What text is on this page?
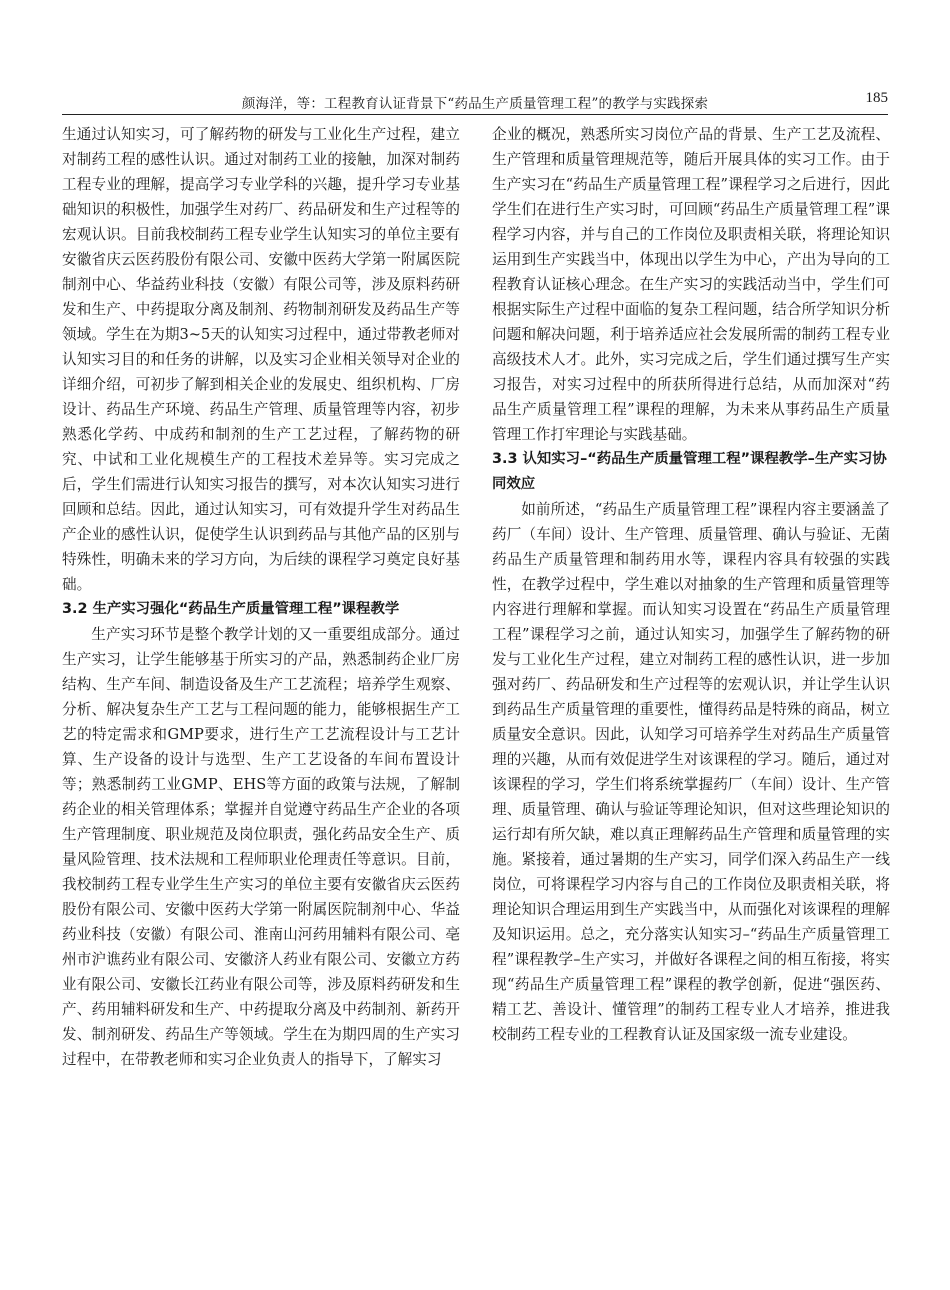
颜海洋，等：工程教育认证背景下“药品生产质量管理工程”的教学与实践探索	185

生通过认知实习，可了解药物的研发与工业化生产过程，建立对制药工程的感性认识。通过对制药工业的接触，加深对制药工程专业的理解，提高学习专业学科的兴趣，提升学习专业基础知识的积极性，加强学生对药厂、药品研发和生产过程等的宏观认识。目前我校制药工程专业学生认知实习的单位主要有安徽省庆云医药股份有限公司、安徽中医药大学第一附属医院制剂中心、华益药业科技（安徽）有限公司等，涉及原料药研发和生产、中药提取分离及制剂、药物制剂研发及药品生产等领域。学生在为期3~5天的认知实习过程中，通过带教老师对认知实习目的和任务的讲解，以及实习企业相关领导对企业的详细介绍，可初步了解到相关企业的发展史、组织机构、厂房设计、药品生产环境、药品生产管理、质量管理等内容，初步熟悉化学药、中成药和制剂的生产工艺过程，了解药物的研究、中试和工业化规模生产的工程技术差异等。实习完成之后，学生们需进行认知实习报告的撰写，对本次认知实习进行回顾和总结。因此，通过认知实习，可有效提升学生对药品生产企业的感性认识，促使学生认识到药品与其他产品的区别与特殊性，明确未来的学习方向，为后续的课程学习奠定良好基础。

3.2 生产实习强化“药品生产质量管理工程”课程教学

生产实习环节是整个教学计划的又一重要组成部分。通过生产实习，让学生能够基于所实习的产品，熟悉制药企业厂房结构、生产车间、制造设备及生产工艺流程；培养学生观察、分析、解决复杂生产工艺与工程问题的能力，能够根据生产工艺的特定需求和GMP要求，进行生产工艺流程设计与工艺计算、生产设备的设计与选型、生产工艺设备的车间布置设计等；熟悉制药工业GMP、EHS等方面的政策与法规，了解制药企业的相关管理体系；掌握并自觉遵守药品生产企业的各项生产管理制度、职业规范及岗位职责，强化药品安全生产、质量风险管理、技术法规和工程师职业伦理责任等意识。目前，我校制药工程专业学生生产实习的单位主要有安徽省庆云医药股份有限公司、安徽中医药大学第一附属医院制剂中心、华益药业科技（安徽）有限公司、淮南山河药用辅料有限公司、亳州市沪谯药业有限公司、安徽济人药业有限公司、安徽立方药业有限公司、安徽长江药业有限公司等，涉及原料药研发和生产、药用辅料研发和生产、中药提取分离及中药制剂、新药开发、制剂研发、药品生产等领域。学生在为期四周的生产实习过程中，在带教老师和实习企业负责人的指导下，了解实习

企业的概况，熟悉所实习岗位产品的背景、生产工艺及流程、生产管理和质量管理规范等，随后开展具体的实习工作。由于生产实习在“药品生产质量管理工程”课程学习之后进行，因此学生们在进行生产实习时，可回顾“药品生产质量管理工程”课程学习内容，并与自己的工作岗位及职责相关联，将理论知识运用到生产实践当中，体现出以学生为中心，产出为导向的工程教育认证核心理念。在生产实习的实践活动当中，学生们可根据实际生产过程中面临的复杂工程问题，结合所学知识分析问题和解决问题，利于培养适应社会发展所需的制药工程专业高级技术人才。此外，实习完成之后，学生们通过撰写生产实习报告，对实习过程中的所获所得进行总结，从而加深对“药品生产质量管理工程”课程的理解，为未来从事药品生产质量管理工作打牢理论与实践基础。

3.3 认知实习–“药品生产质量管理工程”课程教学–生产实习协同效应

如前所述，“药品生产质量管理工程”课程内容主要涵盖了药厂（车间）设计、生产管理、质量管理、确认与验证、无菌药品生产质量管理和制药用水等，课程内容具有较强的实践性，在教学过程中，学生难以对抽象的生产管理和质量管理等内容进行理解和掌握。而认知实习设置在“药品生产质量管理工程”课程学习之前，通过认知实习，加强学生了解药物的研发与工业化生产过程，建立对制药工程的感性认识，进一步加强对药厂、药品研发和生产过程等的宏观认识，并让学生认识到药品生产质量管理的重要性，懂得药品是特殊的商品，树立质量安全意识。因此，认知学习可培养学生对药品生产质量管理的兴趣，从而有效促进学生对该课程的学习。随后，通过对该课程的学习，学生们将系统掌握药厂（车间）设计、生产管理、质量管理、确认与验证等理论知识，但对这些理论知识的运行却有所欠缺，难以真正理解药品生产管理和质量管理的实施。紧接着，通过暑期的生产实习，同学们深入药品生产一线岗位，可将课程学习内容与自己的工作岗位及职责相关联，将理论知识合理运用到生产实践当中，从而强化对该课程的理解及知识运用。总之，充分落实认知实习–“药品生产质量管理工程”课程教学–生产实习，并做好各课程之间的相互衔接，将实现“药品生产质量管理工程”课程的教学创新，促进“强医药、精工艺、善设计、懂管理”的制药工程专业人才培养，推进我校制药工程专业的工程教育认证及国家级一流专业建设。
